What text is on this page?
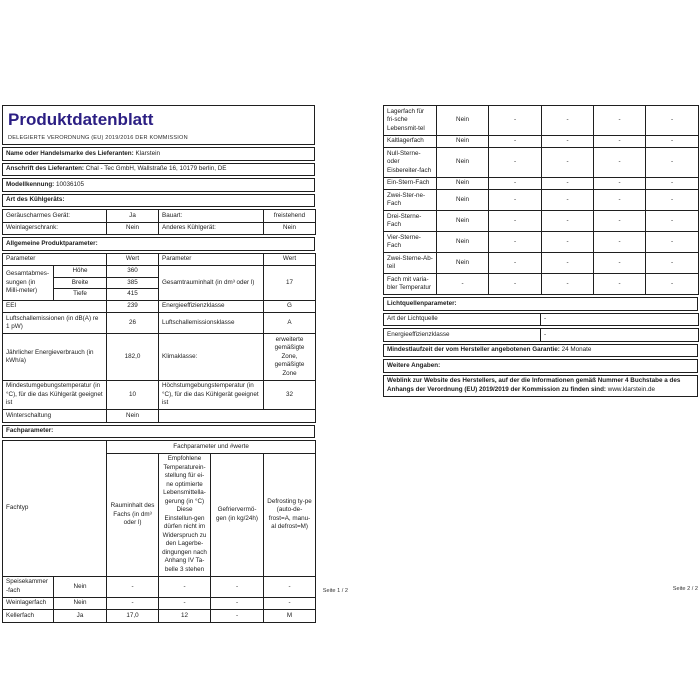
Produktdatenblatt
DELEGIERTE VERORDNUNG (EU) 2019/2016 DER KOMMISSION
Name oder Handelsmarke des Lieferanten: Klarstein
Anschrift des Lieferanten: Chal - Tec GmbH, Wallstraße 16, 10179 berlin, DE
Modellkennung: 10036105
Art des Kühlgeräts:
Geräuscharmes Gerät:	Ja	Bauart:	freistehend
Weinlagerschrank:	Nein	Anderes Kühlgerät:	Nein
Allgemeine Produktparameter:
Parameter		Wert	Parameter	Wert
Gesamtabmes-sungen (in Milli-meter)	Höhe	360	Gesamtrauminhalt (in dm³ oder l)	17
	Breite	385		
	Tiefe	415		
EEI		239	Energieeffizienzklasse	G
Luftschallemissionen (in dB(A) re 1 pW)		26	Luftschallemissionsklasse	A
Jährlicher Energieverbrauch (in kWh/a)		182,0	Klimaklasse:	erweiterte gemäßigte Zone, gemäßigte Zone
Mindestumgebungstemperatur (in °C), für die das Kühlgerät geeignet ist		10	Höchstumgebungstemperatur (in °C), für die das Kühlgerät geeignet ist	32
Winterschaltung		Nein		
Fachparameter:
Fachtyp		Fachparameter und #werte			
		Rauminhalt des Fachs (in dm³ oder l)	Empfohlene Temperaturein-stellung für ei-ne optimierte Lebensmittella-gerung (in °C) Diese Einstellun-gen dürfen nicht im Widerspruch zu den Lagerbe-dingungen nach Anhang IV Ta-belle 3 stehen	Gefriervermö-gen (in kg/24h)	Defrosting ty-pe (auto-de-frost=A, manu-al defrost=M)
Speisekammer-fach	Nein	-	-	-	-
Weinlagerfach	Nein	-	-	-	-
Kellerfach	Ja	17,0	12	-	M
Lagerfach für fri-sche Lebensmit-tel	Nein	-	-	-	-
Kaltlagerfach	Nein	-	-	-	-
Null-Sterne- oder Eisbereiter-fach	Nein	-	-	-	-
Ein-Stern-Fach	Nein	-	-	-	-
Zwei-Ster-ne-Fach	Nein	-	-	-	-
Drei-Sterne-Fach	Nein	-	-	-	-
Vier-Sterne-Fach	Nein	-	-	-	-
Zwei-Sterne-Ab-teil	Nein	-	-	-	-
Fach mit varia-bler Temperatur	-	-	-	-	-
Lichtquellenparameter:
Art der Lichtquelle	-
Energieeffizienzklasse	-
Mindestlaufzeit der vom Hersteller angebotenen Garantie: 24 Monate
Weitere Angaben:
Weblink zur Website des Herstellers, auf der die Informationen gemäß Nummer 4 Buchstabe a des Anhangs der Verordnung (EU) 2019/2019 der Kommission zu finden sind: www.klarstein.de
Seite 1 / 2	Seite 2 / 2
